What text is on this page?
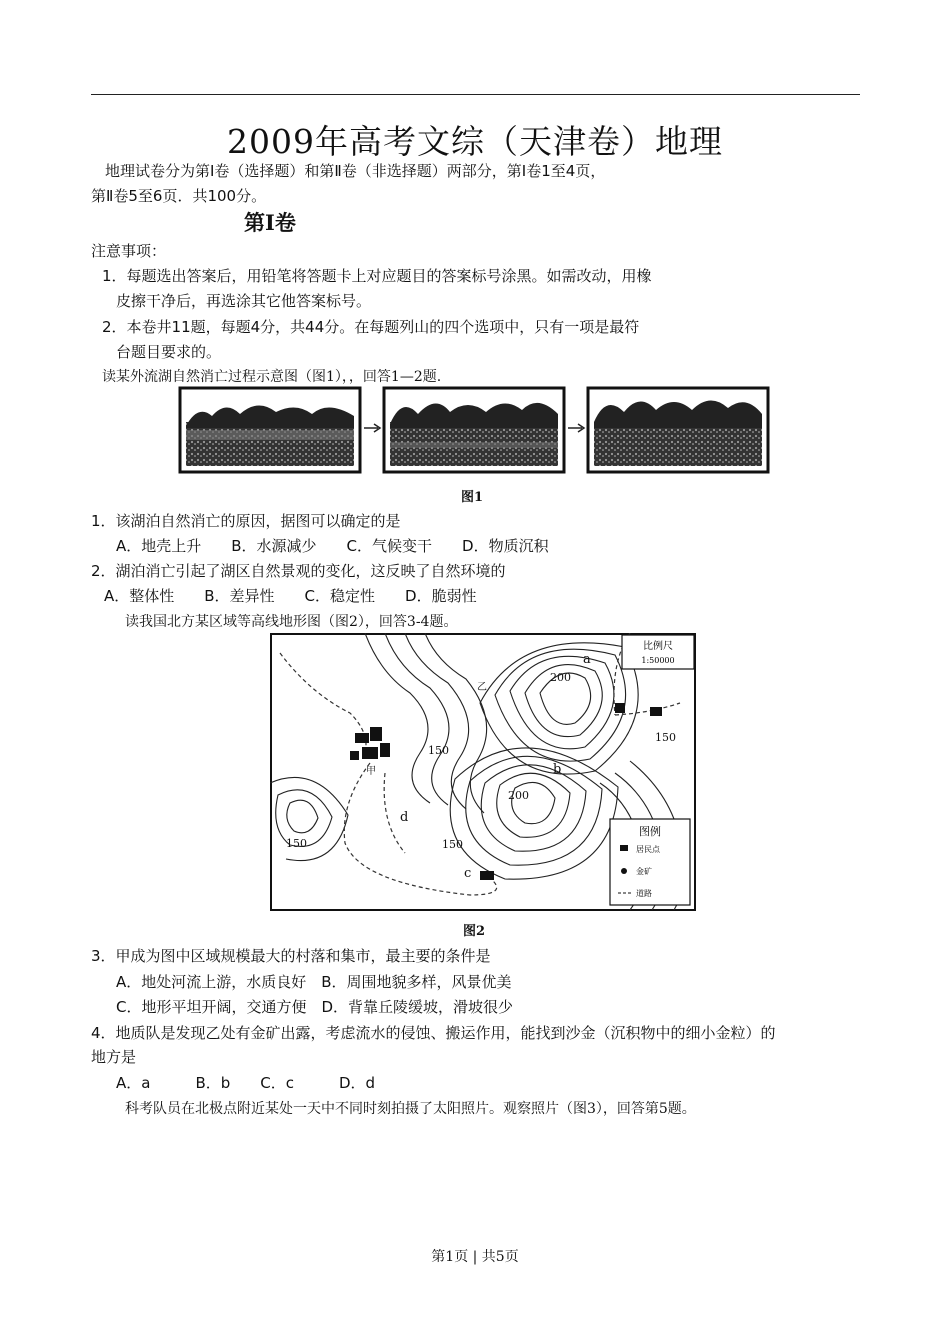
2009年高考文综（天津卷）地理
地理试卷分为第Ⅰ卷（选择题）和第Ⅱ卷（非选择题）两部分，第Ⅰ卷1至4页，
第Ⅱ卷5至6页．共100分。
第Ⅰ卷
注意事项：
1．每题选出答案后，用铅笔将答题卡上对应题目的答案标号涂黑。如需改动，用橡
皮擦干净后，再选涂其它他答案标号。
2．本卷井11题，每题4分，共44分。在每题列山的四个选项中，只有一项是最符
台题目要求的。
读某外流湖自然消亡过程示意图（图1），，回答1—2题.
图1
1．该湖泊自然消亡的原因，据图可以确定的是
A．地壳上升　　B．水源减少　　C．气候变干　　D．物质沉积
2．湖泊消亡引起了湖区自然景观的变化，这反映了自然环境的
A．整体性　　B．差异性　　C．稳定性　　D．脆弱性
读我国北方某区域等高线地形图（图2），回答3-4题。
比例尺
1:50000
图例
居民点
金矿
道路
200
150
200
150
150
150
甲
乙
a
b
c
d
图2
3．甲成为图中区域规模最大的村落和集市，最主要的条件是
A．地处河流上游，水质良好　B．周围地貌多样，风景优美
C．地形平坦开阔，交通方便　D．背靠丘陵缓坡，滑坡很少
4．地质队是发现乙处有金矿出露，考虑流水的侵蚀、搬运作用，能找到沙金（沉积物中的细小金粒）的
地方是
A．a　　　B．b　　C．c　　　D．d
科考队员在北极点附近某处一天中不同时刻拍摄了太阳照片。观察照片（图3），回答第5题。
第1页 | 共5页
